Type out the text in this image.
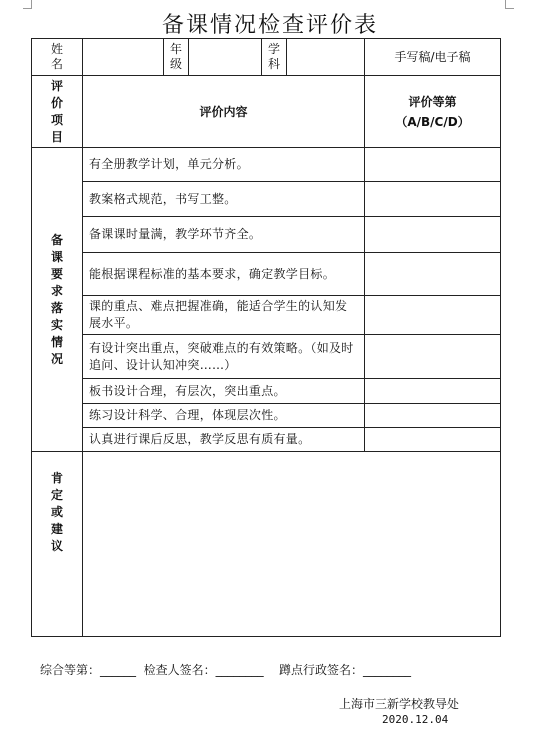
备课情况检查评价表
姓名		年级		学科		手写稿/电子稿
评价项目	评价内容					评价等第
（A/B/C/D）

备课要求落实情况	有全册教学计划，单元分析。					
	教案格式规范，书写工整。					
	备课课时量满，教学环节齐全。					
	能根据课程标准的基本要求，确定教学目标。					
	课的重点、难点把握准确，能适合学生的认知发展水平。					
	有设计突出重点，突破难点的有效策略。（如及时追问、设计认知冲突……）					
	板书设计合理，有层次，突出重点。					
	练习设计科学、合理，体现层次性。					
	认真进行课后反思，教学反思有质有量。					
肯定或建议						
综合等第：______ 检查人签名：________ 蹲点行政签名：________
上海市三新学校教导处
2020.12.04
